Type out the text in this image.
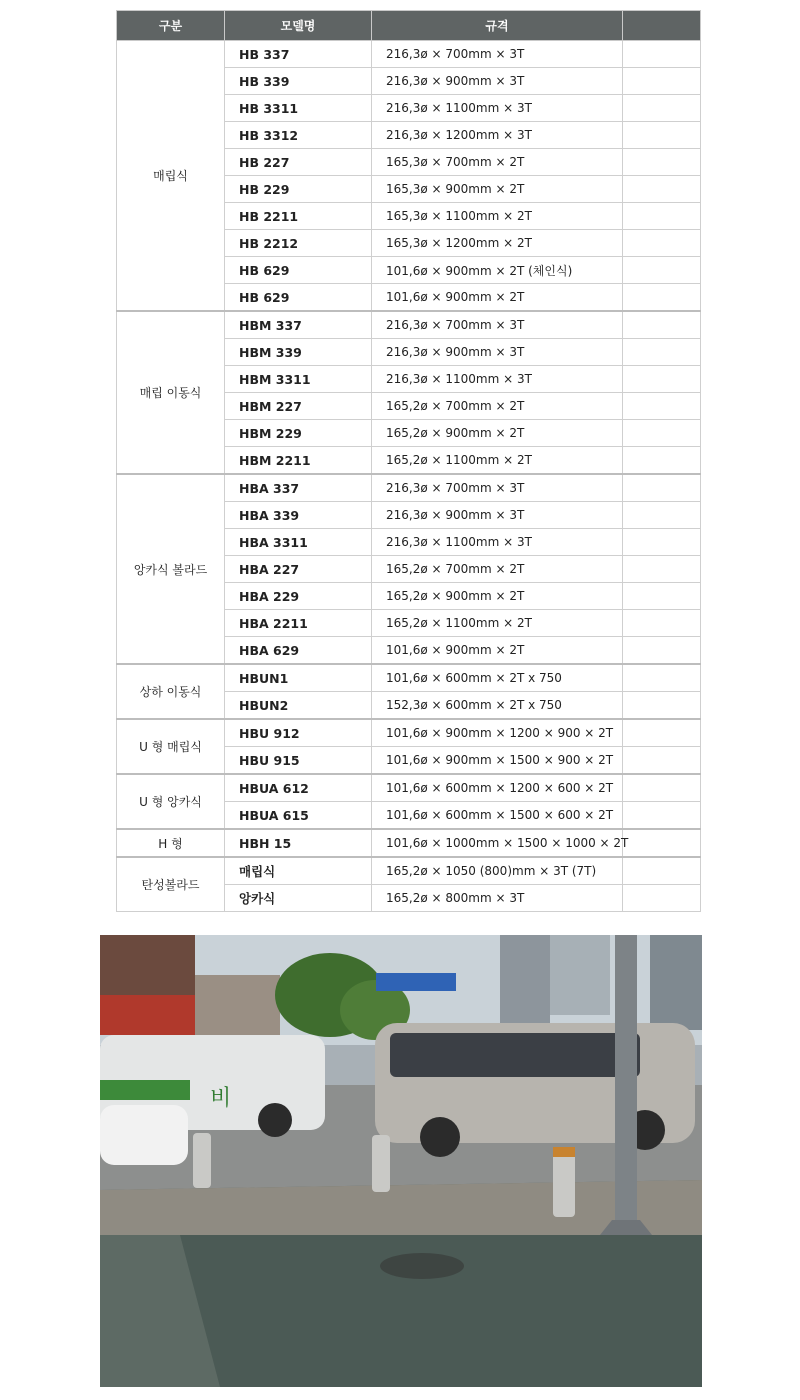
구분	모델명	규격	
매립식	HB 337	216,3ø × 700mm × 3T	
	HB 339	216,3ø × 900mm × 3T	
	HB 3311	216,3ø × 1100mm × 3T	
	HB 3312	216,3ø × 1200mm × 3T	
	HB 227	165,3ø × 700mm × 2T	
	HB 229	165,3ø × 900mm × 2T	
	HB 2211	165,3ø × 1100mm × 2T	
	HB 2212	165,3ø × 1200mm × 2T	
	HB 629	101,6ø × 900mm × 2T (체인식)	
	HB 629	101,6ø × 900mm × 2T	
매립 이동식	HBM 337	216,3ø × 700mm × 3T	
	HBM 339	216,3ø × 900mm × 3T	
	HBM 3311	216,3ø × 1100mm × 3T	
	HBM 227	165,2ø × 700mm × 2T	
	HBM 229	165,2ø × 900mm × 2T	
	HBM 2211	165,2ø × 1100mm × 2T	
앙카식 볼라드	HBA 337	216,3ø × 700mm × 3T	
	HBA 339	216,3ø × 900mm × 3T	
	HBA 3311	216,3ø × 1100mm × 3T	
	HBA 227	165,2ø × 700mm × 2T	
	HBA 229	165,2ø × 900mm × 2T	
	HBA 2211	165,2ø × 1100mm × 2T	
	HBA 629	101,6ø × 900mm × 2T	
상하 이동식	HBUN1	101,6ø × 600mm × 2T x 750	
	HBUN2	152,3ø × 600mm × 2T x 750	
U 형 매립식	HBU 912	101,6ø × 900mm × 1200 × 900 × 2T	
	HBU 915	101,6ø × 900mm × 1500 × 900 × 2T	
U 형 앙카식	HBUA 612	101,6ø × 600mm × 1200 × 600 × 2T	
	HBUA 615	101,6ø × 600mm × 1500 × 600 × 2T	
H 형	HBH 15	101,6ø × 1000mm × 1500 × 1000 × 2T	
탄성볼라드	매립식	165,2ø × 1050 (800)mm × 3T (7T)	
	앙카식	165,2ø × 800mm × 3T	
비
